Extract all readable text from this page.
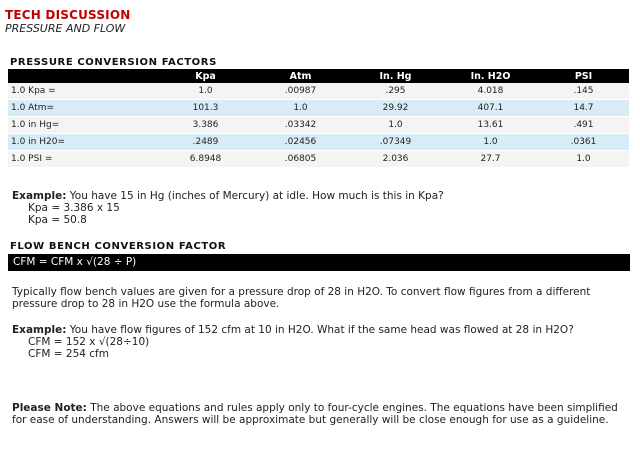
TECH DISCUSSION
PRESSURE AND FLOW
PRESSURE CONVERSION FACTORS
	Kpa	Atm	In. Hg	In. H2O	PSI
1.0 Kpa =	1.0	.00987	.295	4.018	.145
1.0 Atm=	101.3	1.0	29.92	407.1	14.7
1.0 in Hg=	3.386	.03342	1.0	13.61	.491
1.0 in H20=	.2489	.02456	.07349	1.0	.0361
1.0 PSI =	6.8948	.06805	2.036	27.7	1.0
Example: You have 15 in Hg (inches of Mercury) at idle. How much is this in Kpa?
Kpa = 3.386 x 15
Kpa = 50.8
FLOW BENCH CONVERSION FACTOR
CFM = CFM x √(28 ÷ P)
Typically flow bench values are given for a pressure drop of 28 in H2O. To convert flow figures from a different pressure drop to 28 in H2O use the formula above.
Example: You have flow figures of 152 cfm at 10 in H2O. What if the same head was flowed at 28 in H2O?
CFM = 152 x √(28÷10)
CFM = 254 cfm
Please Note: The above equations and rules apply only to four-cycle engines. The equations have been simplified for ease of understanding. Answers will be approximate but generally will be close enough for use as a guideline.
